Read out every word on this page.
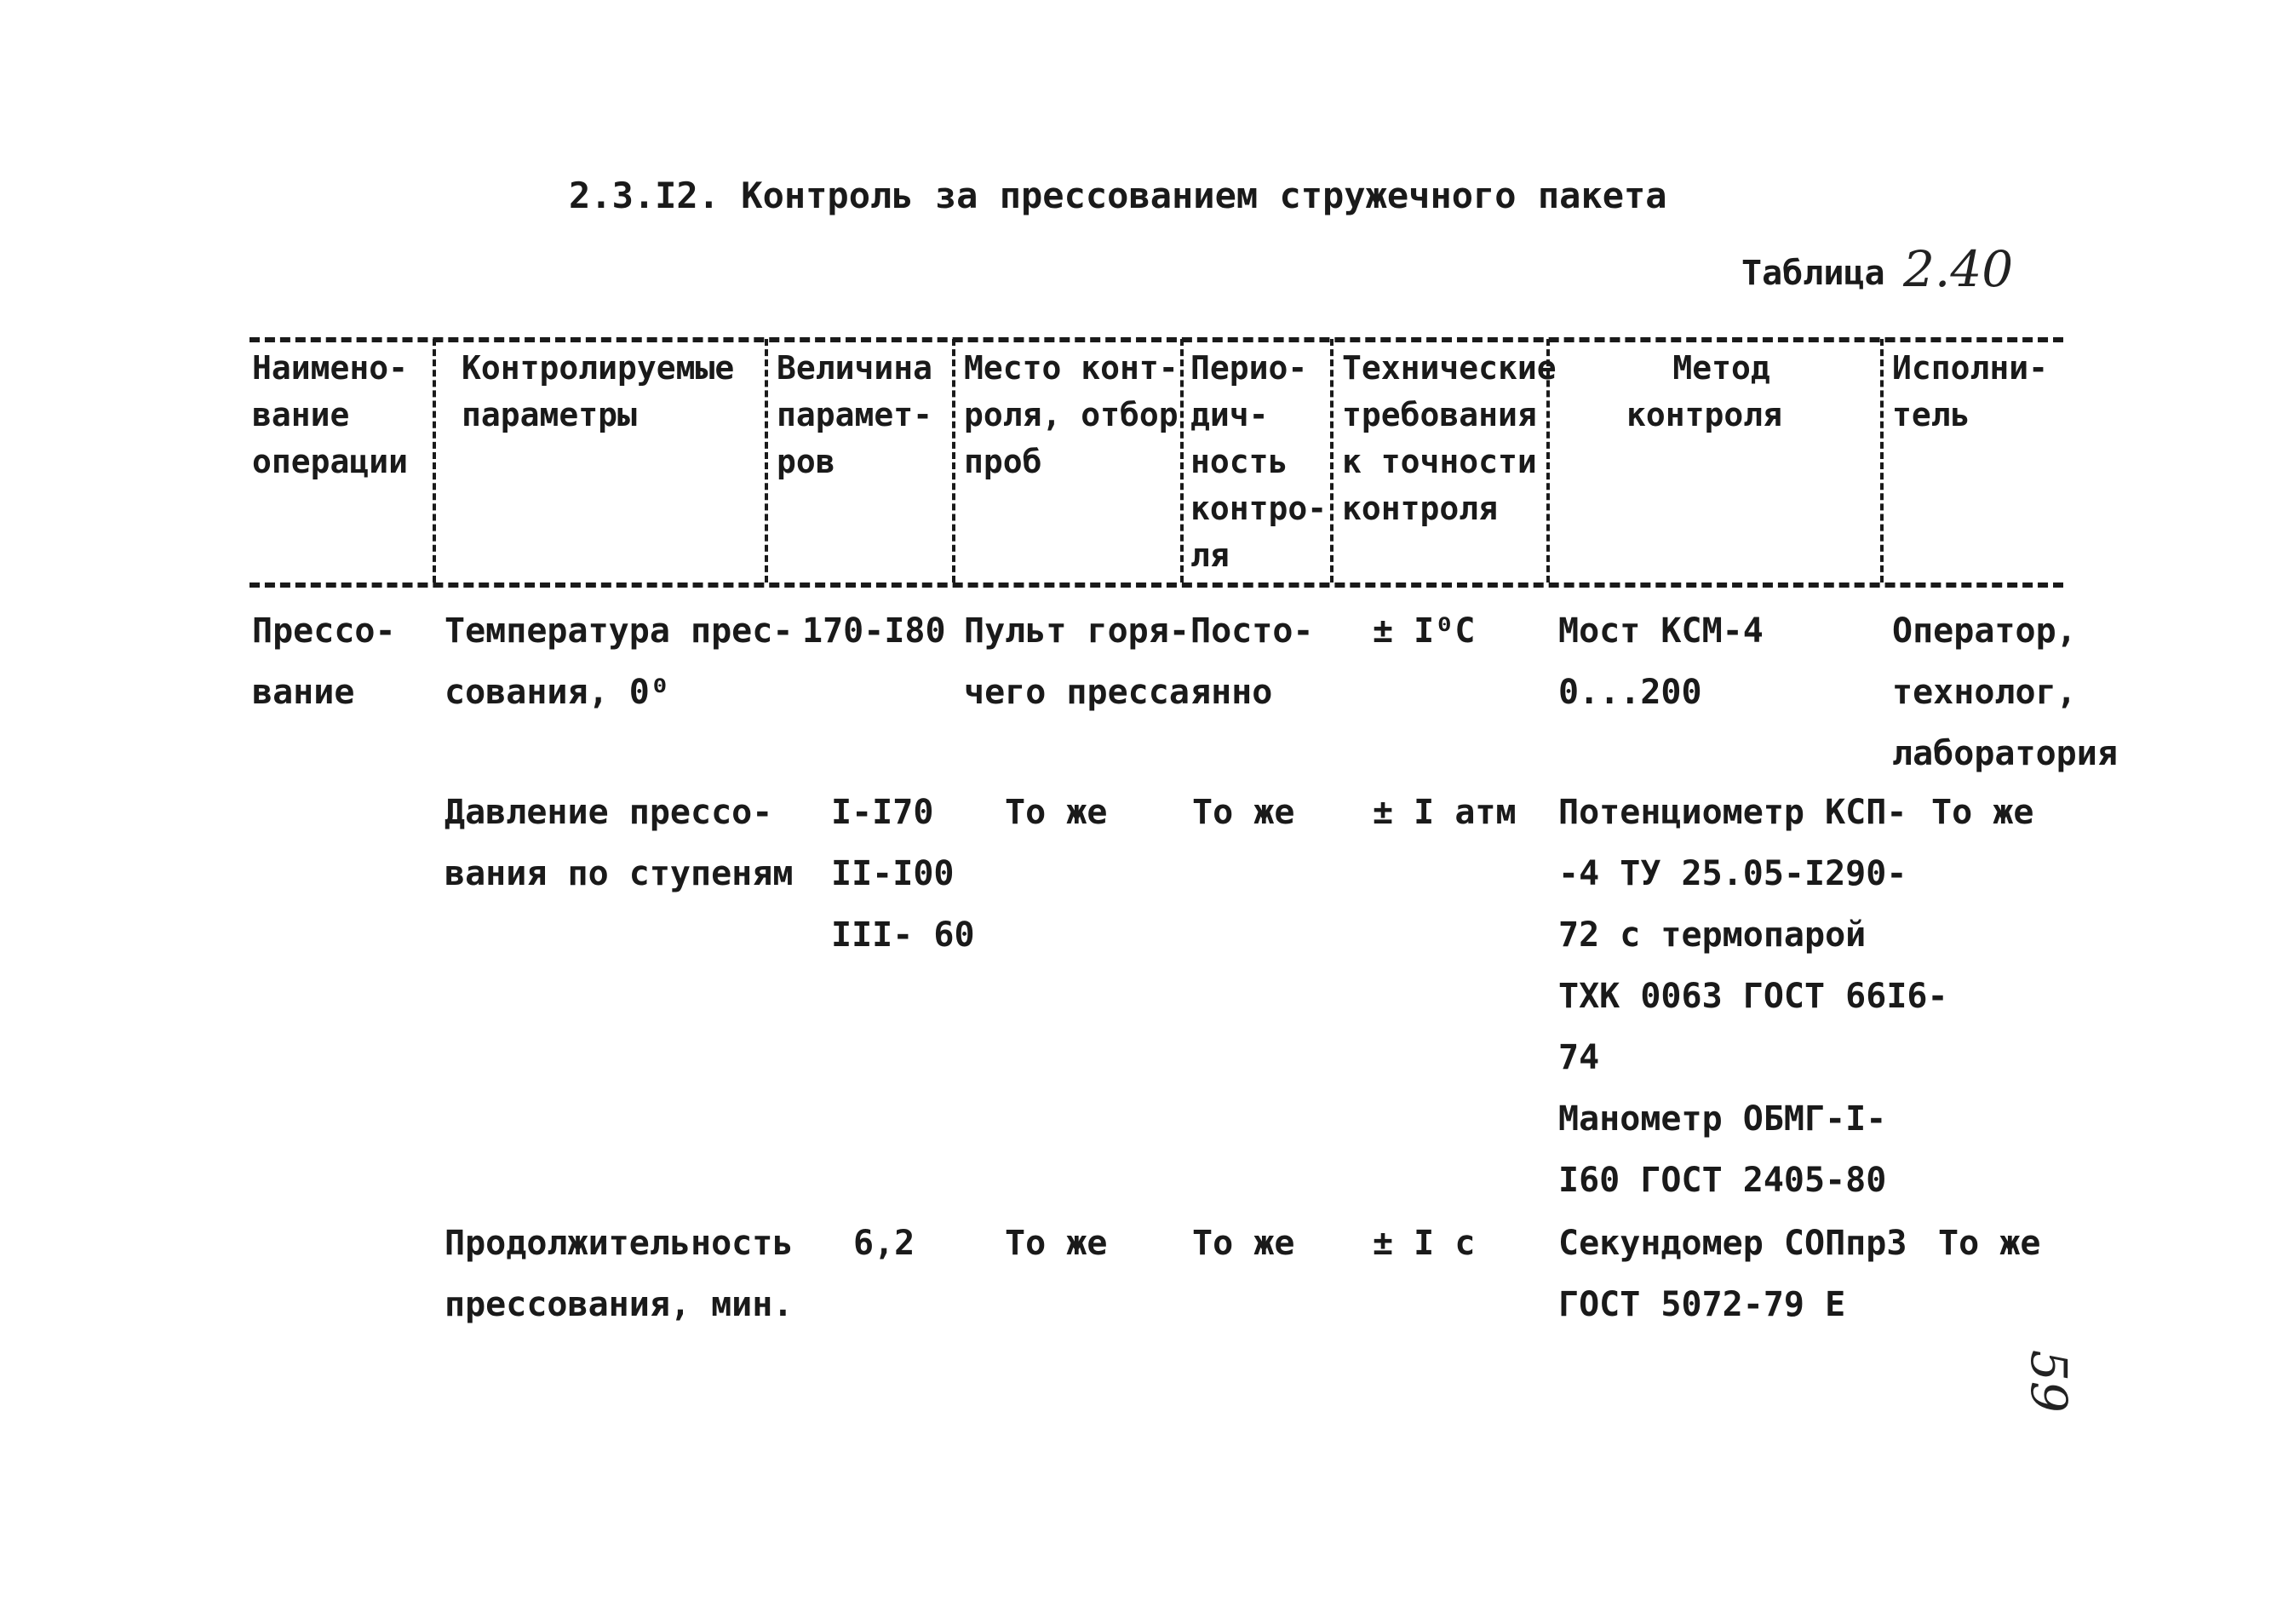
2.3.I2. Контроль за прессованием стружечного пакета
Таблица 2.40
Наимено-
вание
операции
Контролируемые
параметры
Величина
парамет-
ров
Место конт-
роля, отбор
проб
Перио-
дич-
ность
контро-
ля
Технические
требования
к точности
контроля
Метод
контроля
Исполни-
тель
Прессо-
вание
Температура прес-
сования, 0⁰
170-I80 Пульт горя-
чего пресса
Посто-
янно
± I⁰C Мост КСМ-4
0...200
Оператор,
технолог,
лаборатория
Давление прессо-
вания по ступеням
I-I70
II-I00
III- 60
То же То же ± I атм Потенциометр КСП-
-4 ТУ 25.05-I290-
72 с термопарой
ТХК 0063 ГОСТ 66I6-
74
Манометр ОБМГ-I-
I60 ГОСТ 2405-80
То же
Продолжительность
прессования, мин.
6,2	То же То же ± I с Секундомер СОПпр3
ГОСТ 5072-79 Е
То же
59
